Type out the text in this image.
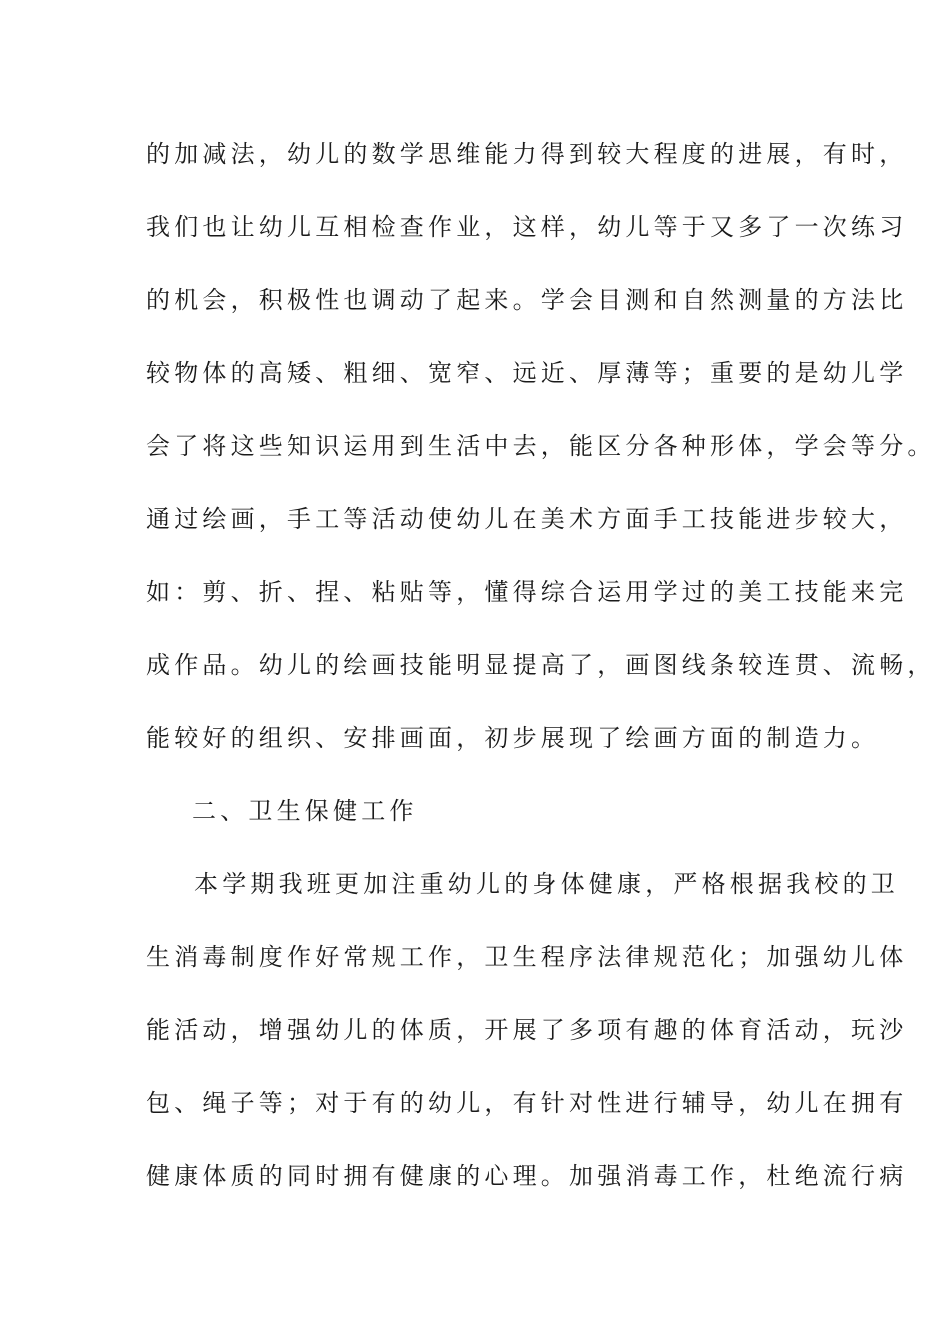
的加减法，幼儿的数学思维能力得到较大程度的进展，有时，
我们也让幼儿互相检查作业，这样，幼儿等于又多了一次练习
的机会，积极性也调动了起来。学会目测和自然测量的方法比
较物体的高矮、粗细、宽窄、远近、厚薄等；重要的是幼儿学
会了将这些知识运用到生活中去，能区分各种形体，学会等分。
通过绘画，手工等活动使幼儿在美术方面手工技能进步较大，
如：剪、折、捏、粘贴等，懂得综合运用学过的美工技能来完
成作品。幼儿的绘画技能明显提高了，画图线条较连贯、流畅，
能较好的组织、安排画面，初步展现了绘画方面的制造力。
二、卫生保健工作
本学期我班更加注重幼儿的身体健康，严格根据我校的卫
生消毒制度作好常规工作，卫生程序法律规范化；加强幼儿体
能活动，增强幼儿的体质，开展了多项有趣的体育活动，玩沙
包、绳子等；对于有的幼儿，有针对性进行辅导，幼儿在拥有
健康体质的同时拥有健康的心理。加强消毒工作，杜绝流行病
